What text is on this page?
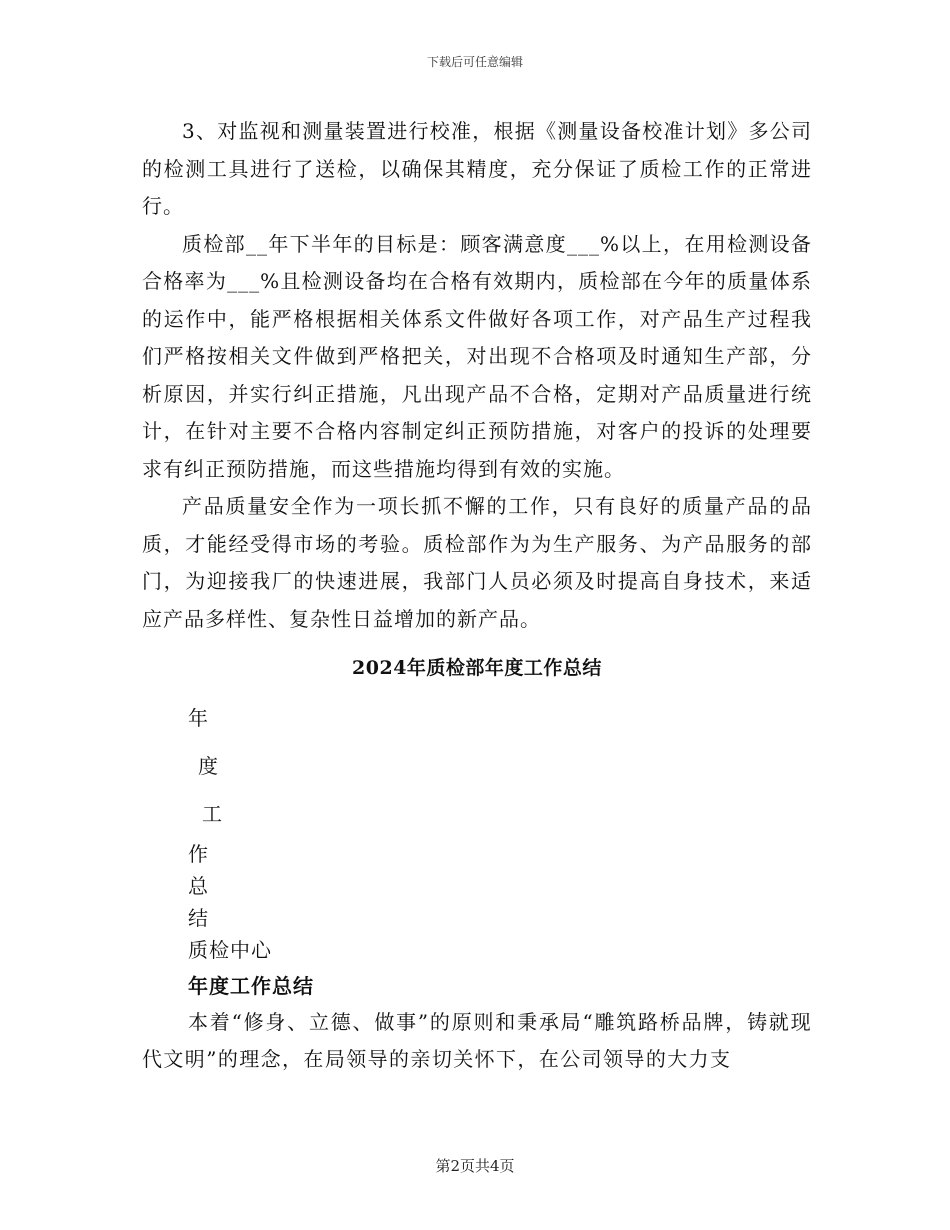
下载后可任意编辑

3、对监视和测量装置进行校准，根据《测量设备校准计划》多公司的检测工具进行了送检，以确保其精度，充分保证了质检工作的正常进行。

质检部__年下半年的目标是：顾客满意度___%以上，在用检测设备合格率为___%且检测设备均在合格有效期内，质检部在今年的质量体系的运作中，能严格根据相关体系文件做好各项工作，对产品生产过程我们严格按相关文件做到严格把关，对出现不合格项及时通知生产部，分析原因，并实行纠正措施，凡出现产品不合格，定期对产品质量进行统计，在针对主要不合格内容制定纠正预防措施，对客户的投诉的处理要求有纠正预防措施，而这些措施均得到有效的实施。

产品质量安全作为一项长抓不懈的工作，只有良好的质量产品的品质，才能经受得市场的考验。质检部作为为生产服务、为产品服务的部门，为迎接我厂的快速进展，我部门人员必须及时提高自身技术，来适应产品多样性、复杂性日益增加的新产品。

2024年质检部年度工作总结
年
度
工
作
总
结
质检中心
年度工作总结

本着“修身、立德、做事”的原则和秉承局“雕筑路桥品牌，铸就现代文明”的理念，在局领导的亲切关怀下，在公司领导的大力支

第2页共4页
